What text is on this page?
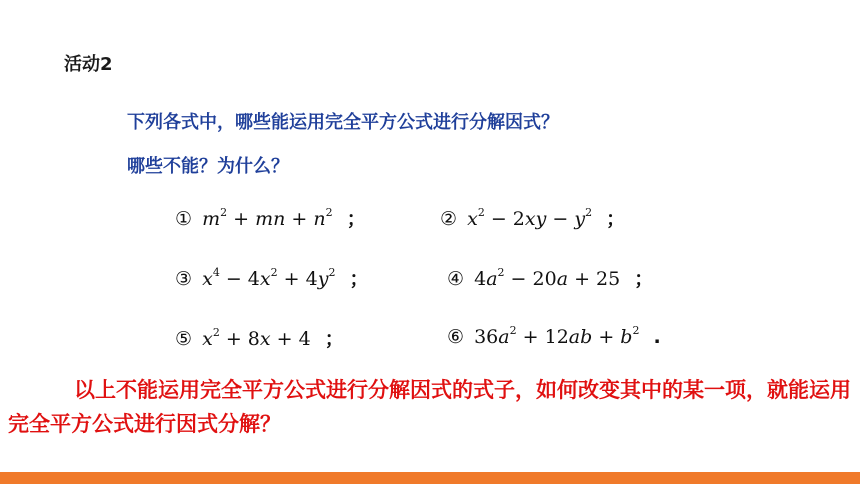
活动2
下列各式中，哪些能运用完全平方公式进行分解因式？
哪些不能？为什么？
① $m^2$ + mn + $n^2$ ；	② $x^2 - 2xy - y^2$ ；
③ $x^4 - 4x^2 + 4y^2$ ；	④ $4a^2 - 20a + 25$ ；
⑤ $x^2 + 8x + 4$ ；	⑥ $36a^2 + 12ab + b^2$ .

以上不能运用完全平方公式进行分解因式的式子，如何改变其中的某一项，就能运用完全平方公式进行因式分解？
